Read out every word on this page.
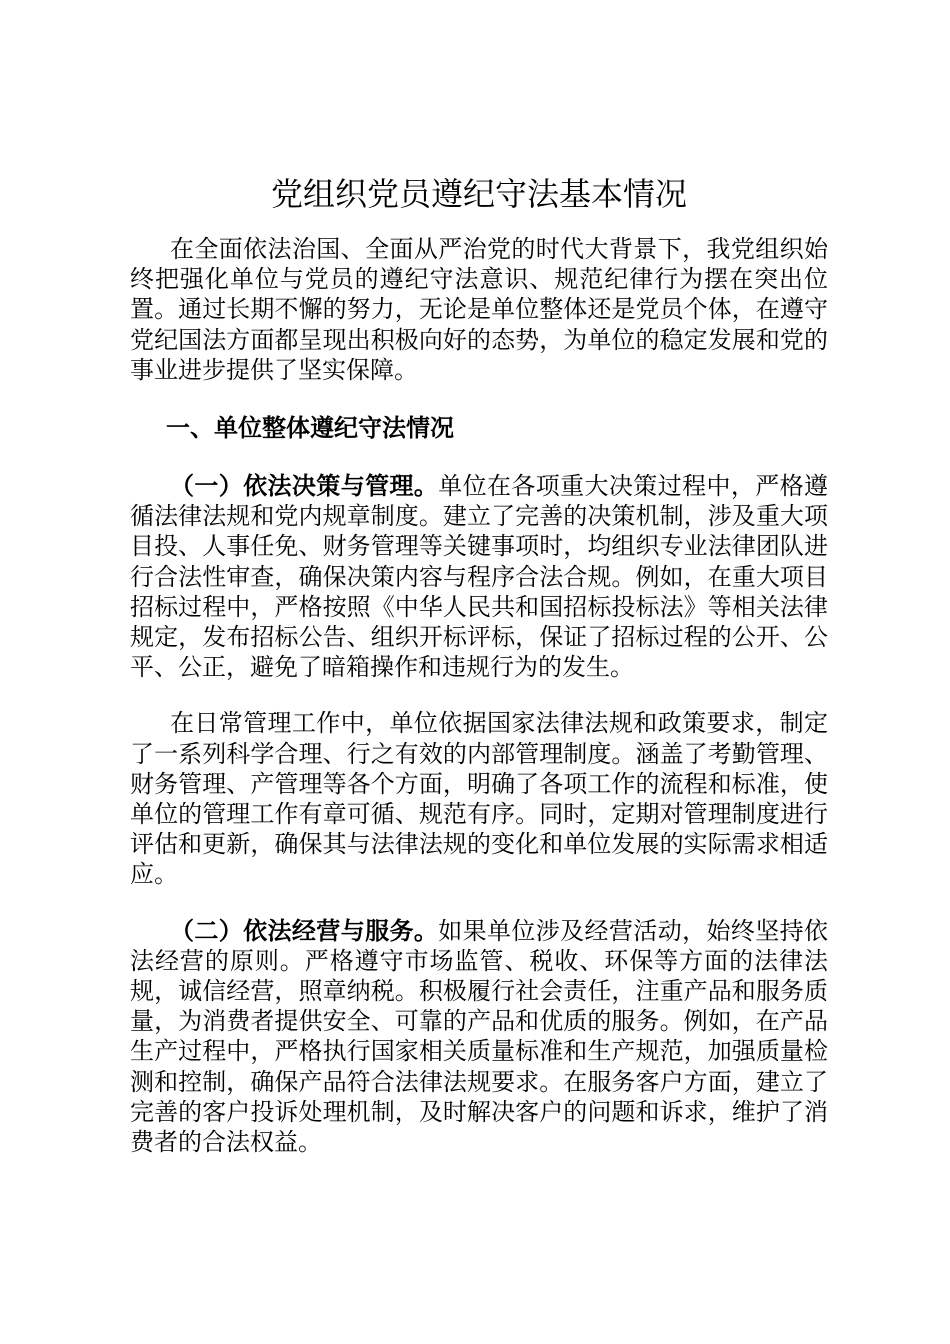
党组织党员遵纪守法基本情况

在全面依法治国、全面从严治党的时代大背景下，我党组织始终把强化单位与党员的遵纪守法意识、规范纪律行为摆在突出位置。通过长期不懈的努力，无论是单位整体还是党员个体，在遵守党纪国法方面都呈现出积极向好的态势，为单位的稳定发展和党的事业进步提供了坚实保障。

一、单位整体遵纪守法情况

（一）依法决策与管理。单位在各项重大决策过程中，严格遵循法律法规和党内规章制度。建立了完善的决策机制，涉及重大项目投、人事任免、财务管理等关键事项时，均组织专业法律团队进行合法性审查，确保决策内容与程序合法合规。例如，在重大项目招标过程中，严格按照《中华人民共和国招标投标法》等相关法律规定，发布招标公告、组织开标评标，保证了招标过程的公开、公平、公正，避免了暗箱操作和违规行为的发生。

在日常管理工作中，单位依据国家法律法规和政策要求，制定了一系列科学合理、行之有效的内部管理制度。涵盖了考勤管理、财务管理、产管理等各个方面，明确了各项工作的流程和标准，使单位的管理工作有章可循、规范有序。同时，定期对管理制度进行评估和更新，确保其与法律法规的变化和单位发展的实际需求相适应。

（二）依法经营与服务。如果单位涉及经营活动，始终坚持依法经营的原则。严格遵守市场监管、税收、环保等方面的法律法规，诚信经营，照章纳税。积极履行社会责任，注重产品和服务质量，为消费者提供安全、可靠的产品和优质的服务。例如，在产品生产过程中，严格执行国家相关质量标准和生产规范，加强质量检测和控制，确保产品符合法律法规要求。在服务客户方面，建立了完善的客户投诉处理机制，及时解决客户的问题和诉求，维护了消费者的合法权益。
